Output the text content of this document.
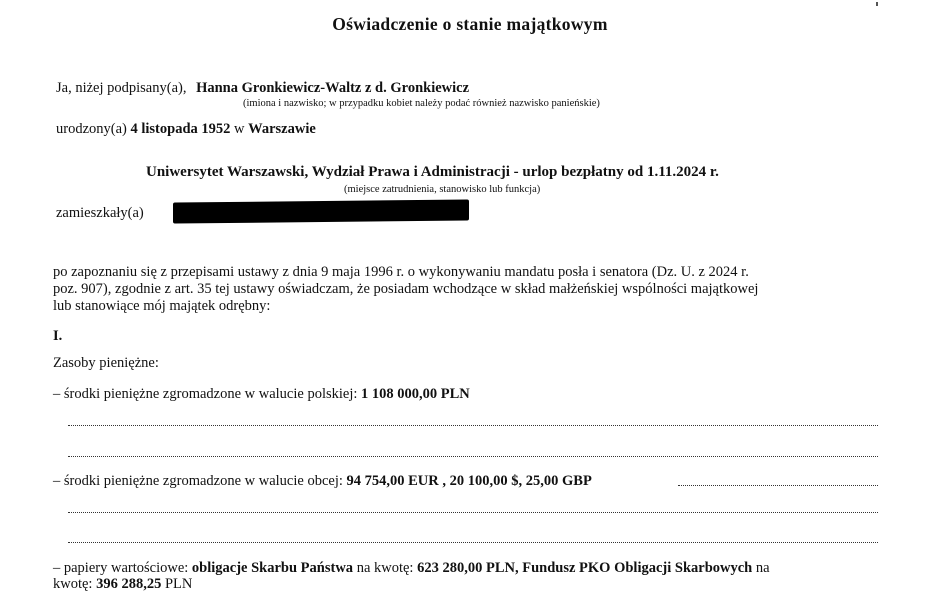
Oświadczenie o stanie majątkowym
Ja, niżej podpisany(a), Hanna Gronkiewicz-Waltz z d. Gronkiewicz
(imiona i nazwisko; w przypadku kobiet należy podać również nazwisko panieńskie)
urodzony(a) 4 listopada 1952 w Warszawie
Uniwersytet Warszawski, Wydział Prawa i Administracji - urlop bezpłatny od 1.11.2024 r.
(miejsce zatrudnienia, stanowisko lub funkcja)
zamieszkały(a)
po zapoznaniu się z przepisami ustawy z dnia 9 maja 1996 r. o wykonywaniu mandatu posła i senatora (Dz. U. z 2024 r.
poz. 907), zgodnie z art. 35 tej ustawy oświadczam, że posiadam wchodzące w skład małżeńskiej wspólności majątkowej
lub stanowiące mój majątek odrębny:
I.
Zasoby pieniężne:
– środki pieniężne zgromadzone w walucie polskiej: 1 108 000,00 PLN
– środki pieniężne zgromadzone w walucie obcej: 94 754,00 EUR , 20 100,00 $, 25,00 GBP
– papiery wartościowe: obligacje Skarbu Państwa na kwotę: 623 280,00 PLN, Fundusz PKO Obligacji Skarbowych na
kwotę: 396 288,25 PLN
